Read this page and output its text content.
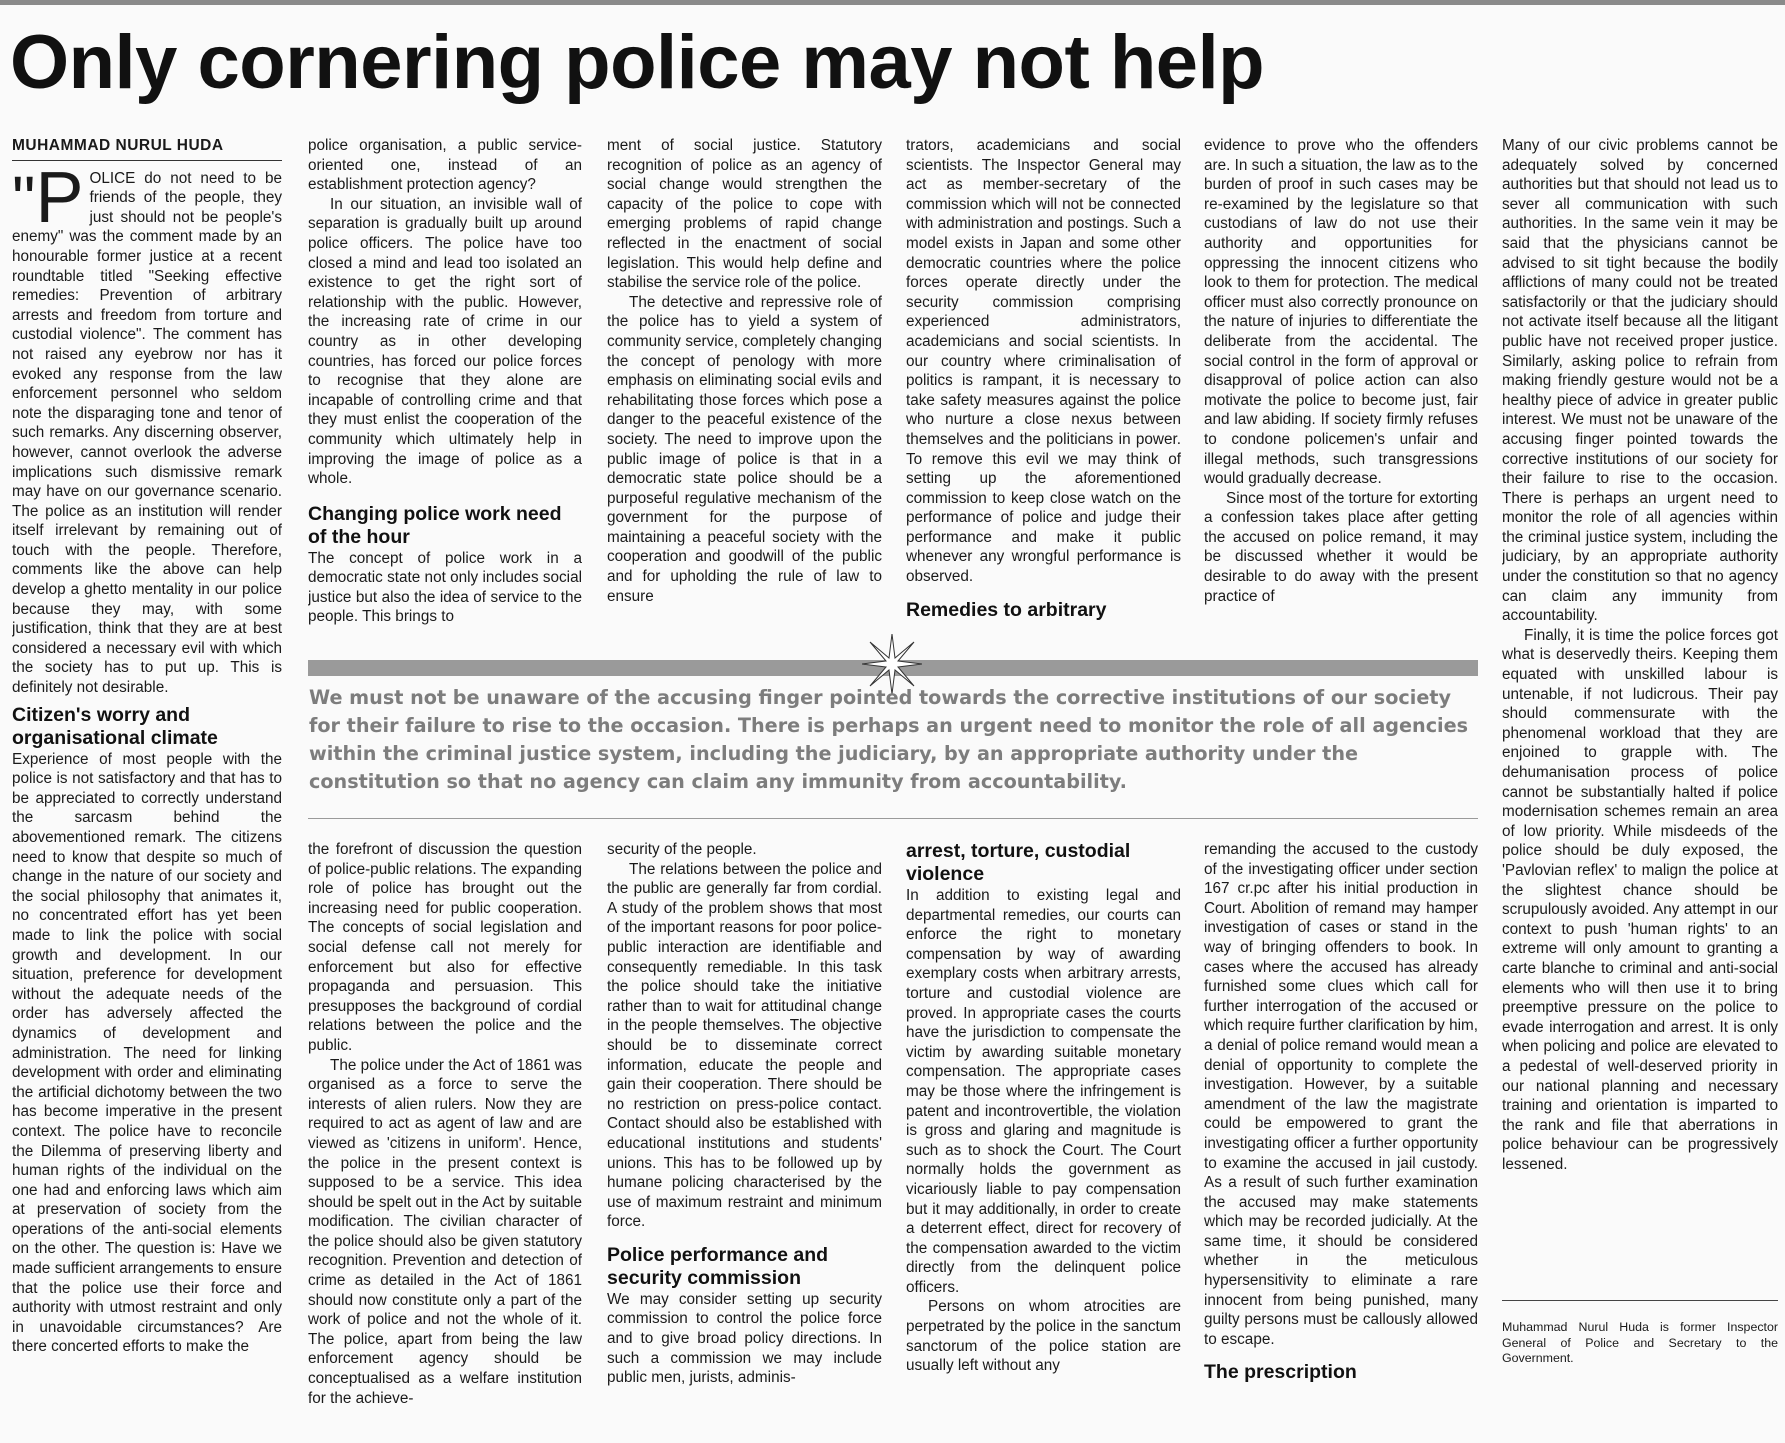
Only cornering police may not help
MUHAMMAD NURUL HUDA

"P OLICE do not need to be friends of the people, they just should not be people's enemy" was the comment made by an honourable former justice at a recent roundtable titled "Seeking effective remedies: Prevention of arbitrary arrests and freedom from torture and custodial violence". The comment has not raised any eyebrow nor has it evoked any response from the law enforcement personnel who seldom note the disparaging tone and tenor of such remarks. Any discerning observer, however, cannot overlook the adverse implications such dismissive remark may have on our governance scenario. The police as an institution will render itself irrelevant by remaining out of touch with the people. Therefore, comments like the above can help develop a ghetto mentality in our police because they may, with some justification, think that they are at best considered a necessary evil with which the society has to put up. This is definitely not desirable.

Citizen's worry and organisational climate

Experience of most people with the police is not satisfactory and that has to be appreciated to correctly understand the sarcasm behind the abovementioned remark. The citizens need to know that despite so much of change in the nature of our society and the social philosophy that animates it, no concentrated effort has yet been made to link the police with social growth and development. In our situation, preference for development without the adequate needs of the order has adversely affected the dynamics of development and administration. The need for linking development with order and eliminating the artificial dichotomy between the two has become imperative in the present context. The police have to reconcile the Dilemma of preserving liberty and human rights of the individual on the one had and enforcing laws which aim at preservation of society from the operations of the anti-social elements on the other. The question is: Have we made sufficient arrangements to ensure that the police use their force and authority with utmost restraint and only in unavoidable circumstances? Are there concerted efforts to make the

police organisation, a public service-oriented one, instead of an establishment protection agency?

In our situation, an invisible wall of separation is gradually built up around police officers. The police have too closed a mind and lead too isolated an existence to get the right sort of relationship with the public. However, the increasing rate of crime in our country as in other developing countries, has forced our police forces to recognise that they alone are incapable of controlling crime and that they must enlist the cooperation of the community which ultimately help in improving the image of police as a whole.

Changing police work need of the hour

The concept of police work in a democratic state not only includes social justice but also the idea of service to the people. This brings to

ment of social justice. Statutory recognition of police as an agency of social change would strengthen the capacity of the police to cope with emerging problems of rapid change reflected in the enactment of social legislation. This would help define and stabilise the service role of the police.

The detective and repressive role of the police has to yield a system of community service, completely changing the concept of penology with more emphasis on eliminating social evils and rehabilitating those forces which pose a danger to the peaceful existence of the society. The need to improve upon the public image of police is that in a democratic state police should be a purposeful regulative mechanism of the government for the purpose of maintaining a peaceful society with the cooperation and goodwill of the public and for upholding the rule of law to ensure

trators, academicians and social scientists. The Inspector General may act as member-secretary of the commission which will not be connected with administration and postings. Such a model exists in Japan and some other democratic countries where the police forces operate directly under the security commission comprising experienced administrators, academicians and social scientists. In our country where criminalisation of politics is rampant, it is necessary to take safety measures against the police who nurture a close nexus between themselves and the politicians in power. To remove this evil we may think of setting up the aforementioned commission to keep close watch on the performance of police and judge their performance and make it public whenever any wrongful performance is observed.

Remedies to arbitrary

evidence to prove who the offenders are. In such a situation, the law as to the burden of proof in such cases may be re-examined by the legislature so that custodians of law do not use their authority and opportunities for oppressing the innocent citizens who look to them for protection. The medical officer must also correctly pronounce on the nature of injuries to differentiate the deliberate from the accidental. The social control in the form of approval or disapproval of police action can also motivate the police to become just, fair and law abiding. If society firmly refuses to condone policemen's unfair and illegal methods, such transgressions would gradually decrease.

Since most of the torture for extorting a confession takes place after getting the accused on police remand, it may be discussed whether it would be desirable to do away with the present practice of

Many of our civic problems cannot be adequately solved by concerned authorities but that should not lead us to sever all communication with such authorities. In the same vein it may be said that the physicians cannot be advised to sit tight because the bodily afflictions of many could not be treated satisfactorily or that the judiciary should not activate itself because all the litigant public have not received proper justice. Similarly, asking police to refrain from making friendly gesture would not be a healthy piece of advice in greater public interest. We must not be unaware of the accusing finger pointed towards the corrective institutions of our society for their failure to rise to the occasion. There is perhaps an urgent need to monitor the role of all agencies within the criminal justice system, including the judiciary, by an appropriate authority under the constitution so that no agency can claim any immunity from accountability.

Finally, it is time the police forces got what is deservedly theirs. Keeping them equated with unskilled labour is untenable, if not ludicrous. Their pay should commensurate with the phenomenal workload that they are enjoined to grapple with. The dehumanisation process of police cannot be substantially halted if police modernisation schemes remain an area of low priority. While misdeeds of the police should be duly exposed, the 'Pavlovian reflex' to malign the police at the slightest chance should be scrupulously avoided. Any attempt in our context to push 'human rights' to an extreme will only amount to granting a carte blanche to criminal and anti-social elements who will then use it to bring preemptive pressure on the police to evade interrogation and arrest. It is only when policing and police are elevated to a pedestal of well-deserved priority in our national planning and necessary training and orientation is imparted to the rank and file that aberrations in police behaviour can be progressively lessened.

We must not be unaware of the accusing finger pointed towards the corrective institutions of our society for their failure to rise to the occasion. There is perhaps an urgent need to monitor the role of all agencies within the criminal justice system, including the judiciary, by an appropriate authority under the constitution so that no agency can claim any immunity from accountability.

the forefront of discussion the question of police-public relations. The expanding role of police has brought out the increasing need for public cooperation. The concepts of social legislation and social defense call not merely for enforcement but also for effective propaganda and persuasion. This presupposes the background of cordial relations between the police and the public.

The police under the Act of 1861 was organised as a force to serve the interests of alien rulers. Now they are required to act as agent of law and are viewed as 'citizens in uniform'. Hence, the police in the present context is supposed to be a service. This idea should be spelt out in the Act by suitable modification. The civilian character of the police should also be given statutory recognition. Prevention and detection of crime as detailed in the Act of 1861 should now constitute only a part of the work of police and not the whole of it. The police, apart from being the law enforcement agency should be conceptualised as a welfare institution for the achieve-

security of the people.

The relations between the police and the public are generally far from cordial. A study of the problem shows that most of the important reasons for poor police-public interaction are identifiable and consequently remediable. In this task the police should take the initiative rather than to wait for attitudinal change in the people themselves. The objective should be to disseminate correct information, educate the people and gain their cooperation. There should be no restriction on press-police contact. Contact should also be established with educational institutions and students' unions. This has to be followed up by humane policing characterised by the use of maximum restraint and minimum force.

Police performance and security commission

We may consider setting up security commission to control the police force and to give broad policy directions. In such a commission we may include public men, jurists, adminis-

arrest, torture, custodial violence

In addition to existing legal and departmental remedies, our courts can enforce the right to monetary compensation by way of awarding exemplary costs when arbitrary arrests, torture and custodial violence are proved. In appropriate cases the courts have the jurisdiction to compensate the victim by awarding suitable monetary compensation. The appropriate cases may be those where the infringement is patent and incontrovertible, the violation is gross and glaring and magnitude is such as to shock the Court. The Court normally holds the government as vicariously liable to pay compensation but it may additionally, in order to create a deterrent effect, direct for recovery of the compensation awarded to the victim directly from the delinquent police officers.

Persons on whom atrocities are perpetrated by the police in the sanctum sanctorum of the police station are usually left without any

remanding the accused to the custody of the investigating officer under section 167 cr.pc after his initial production in Court. Abolition of remand may hamper investigation of cases or stand in the way of bringing offenders to book. In cases where the accused has already furnished some clues which call for further interrogation of the accused or which require further clarification by him, a denial of police remand would mean a denial of opportunity to complete the investigation. However, by a suitable amendment of the law the magistrate could be empowered to grant the investigating officer a further opportunity to examine the accused in jail custody. As a result of such further examination the accused may make statements which may be recorded judicially. At the same time, it should be considered whether in the meticulous hypersensitivity to eliminate a rare innocent from being punished, many guilty persons must be callously allowed to escape.

The prescription

Muhammad Nurul Huda is former Inspector General of Police and Secretary to the Government.
